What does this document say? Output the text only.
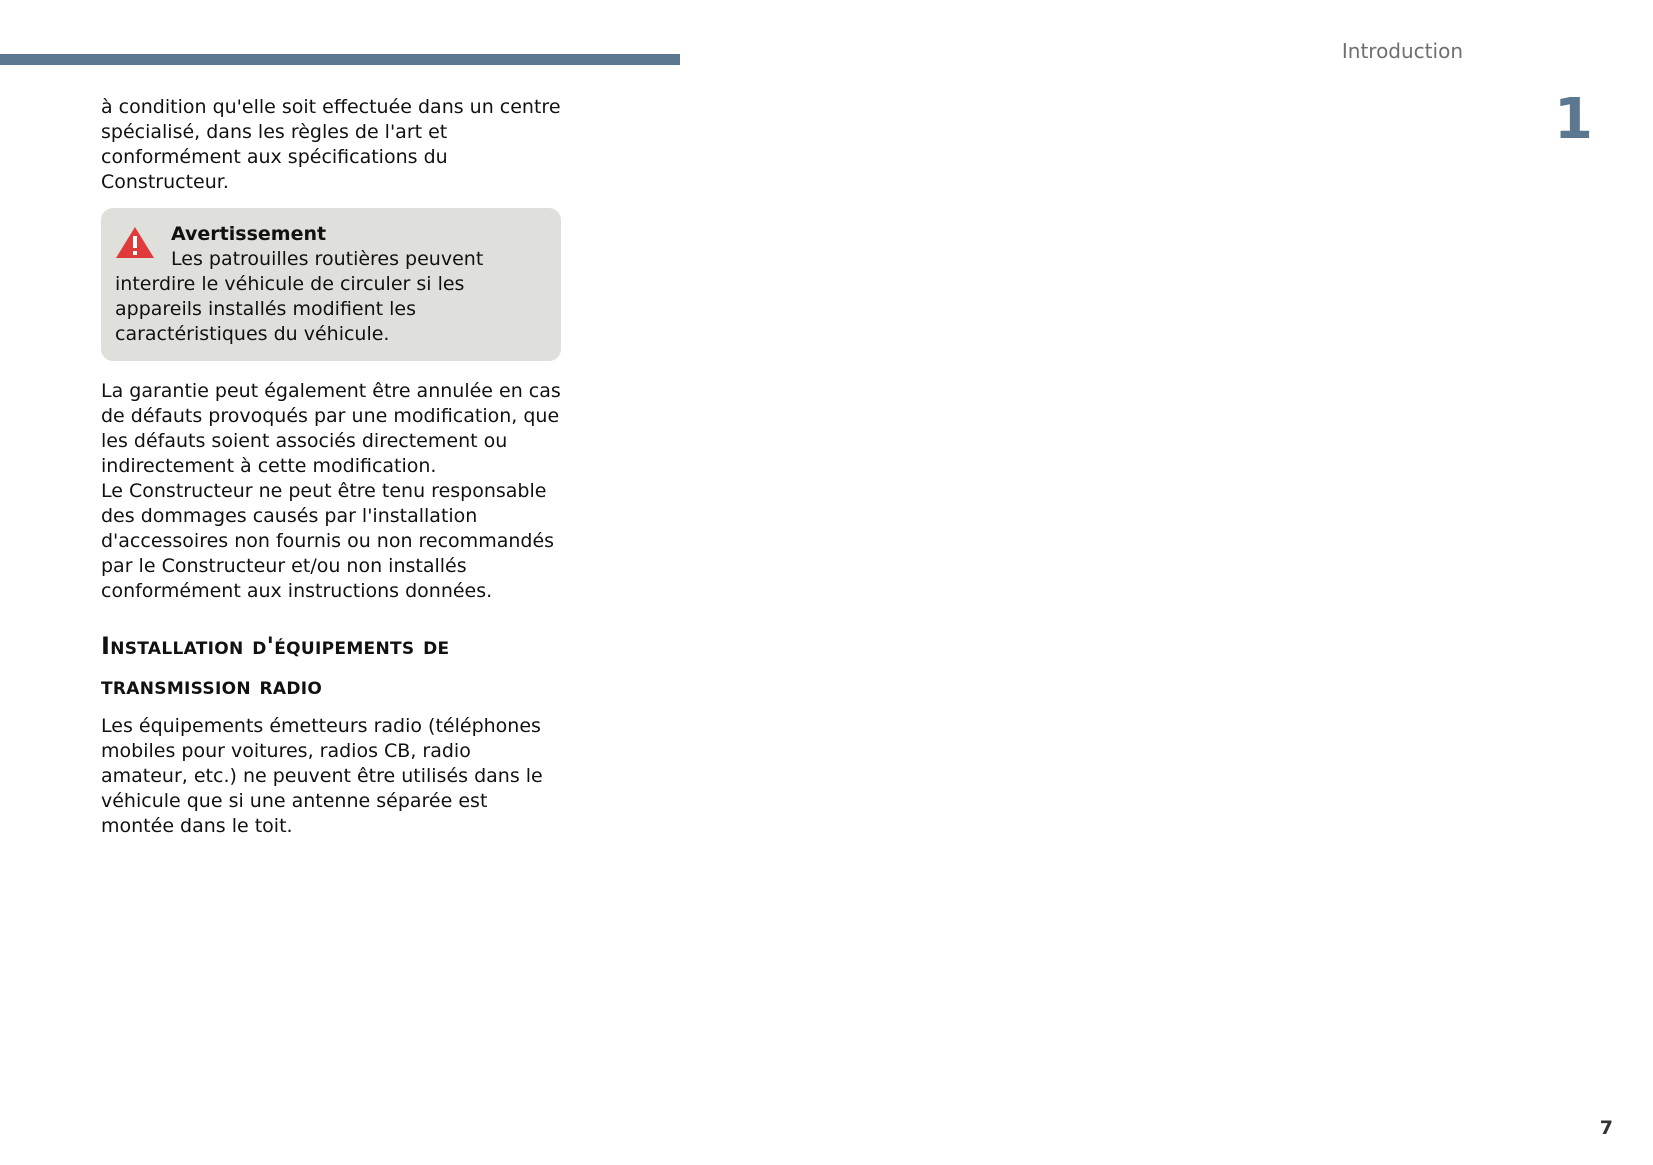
Introduction
1

à condition qu'elle soit effectuée dans un centre spécialisé, dans les règles de l'art et conformément aux spécifications du Constructeur.

Avertissement

Les patrouilles routières peuvent

interdire le véhicule de circuler si les appareils installés modifient les caractéristiques du véhicule.

La garantie peut également être annulée en cas de défauts provoqués par une modification, que les défauts soient associés directement ou indirectement à cette modification.

Le Constructeur ne peut être tenu responsable des dommages causés par l'installation d'accessoires non fournis ou non recommandés par le Constructeur et/ou non installés conformément aux instructions données.

Installation d'équipements de transmission radio

Les équipements émetteurs radio (téléphones mobiles pour voitures, radios CB, radio amateur, etc.) ne peuvent être utilisés dans le véhicule que si une antenne séparée est montée dans le toit.

7
